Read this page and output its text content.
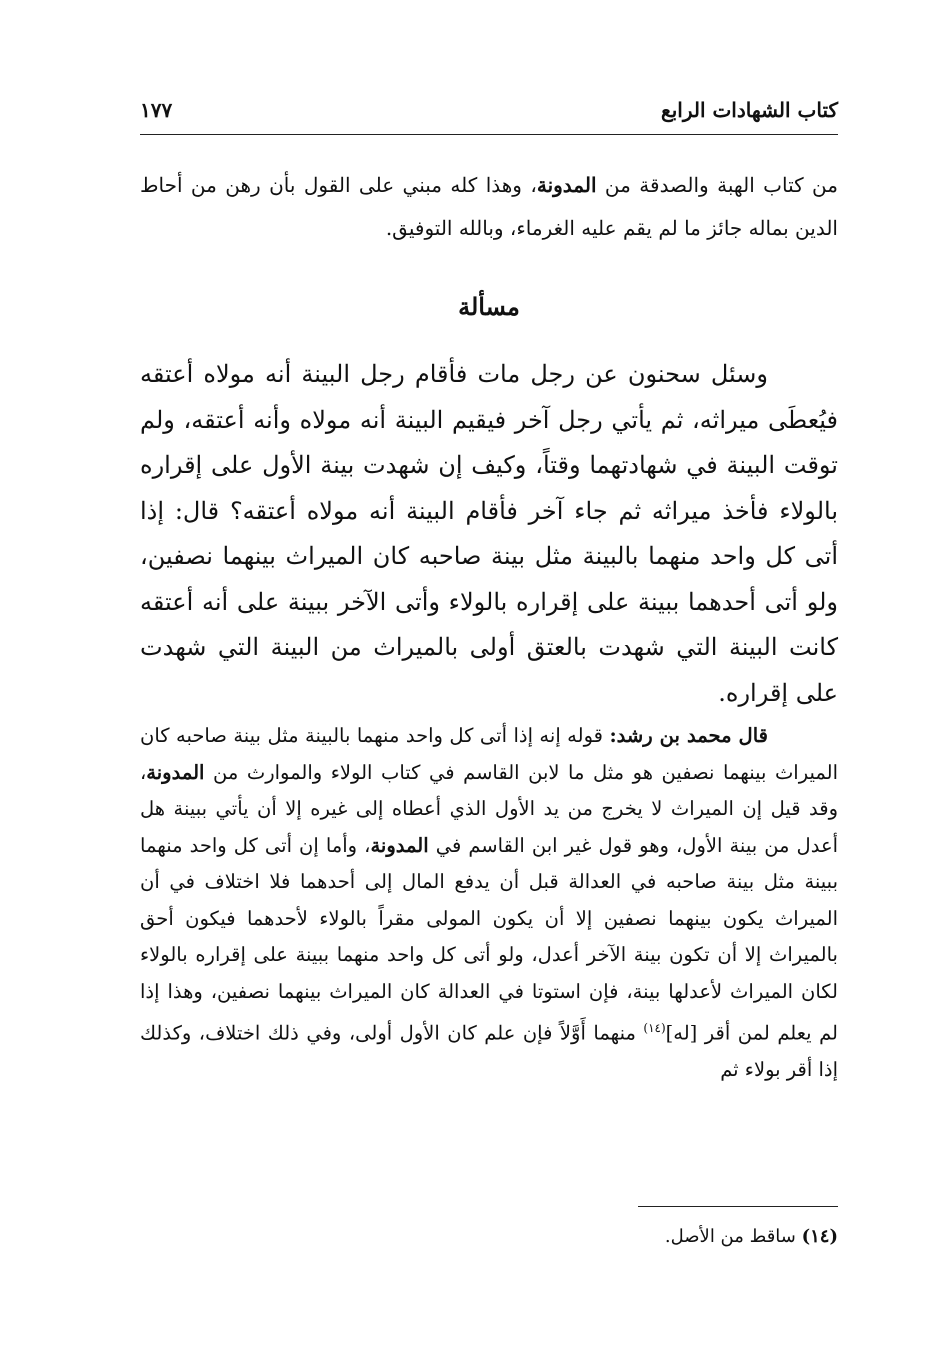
كتاب الشهادات الرابع
١٧٧

من كتاب الهبة والصدقة من المدونة، وهذا كله مبني على القول بأن رهن من أحاط الدين بماله جائز ما لم يقم عليه الغرماء، وبالله التوفيق.

مسألة

وسئل سحنون عن رجل مات فأقام رجل البينة أنه مولاه أعتقه فيُعطَى ميراثه، ثم يأتي رجل آخر فيقيم البينة أنه مولاه وأنه أعتقه، ولم توقت البينة في شهادتهما وقتاً، وكيف إن شهدت بينة الأول على إقراره بالولاء فأخذ ميراثه ثم جاء آخر فأقام البينة أنه مولاه أعتقه؟ قال: إذا أتى كل واحد منهما بالبينة مثل بينة صاحبه كان الميراث بينهما نصفين، ولو أتى أحدهما ببينة على إقراره بالولاء وأتى الآخر ببينة على أنه أعتقه كانت البينة التي شهدت بالعتق أولى بالميراث من البينة التي شهدت على إقراره.

قال محمد بن رشد: قوله إنه إذا أتى كل واحد منهما بالبينة مثل بينة صاحبه كان الميراث بينهما نصفين هو مثل ما لابن القاسم في كتاب الولاء والموارث من المدونة، وقد قيل إن الميراث لا يخرج من يد الأول الذي أعطاه إلى غيره إلا أن يأتي ببينة هل أعدل من بينة الأول، وهو قول غير ابن القاسم في المدونة، وأما إن أتى كل واحد منهما ببينة مثل بينة صاحبه في العدالة قبل أن يدفع المال إلى أحدهما فلا اختلاف في أن الميراث يكون بينهما نصفين إلا أن يكون المولى مقراً بالولاء لأحدهما فيكون أحق بالميراث إلا أن تكون بينة الآخر أعدل، ولو أتى كل واحد منهما ببينة على إقراره بالولاء لكان الميراث لأعدلها بينة، فإن استوتا في العدالة كان الميراث بينهما نصفين، وهذا إذا لم يعلم لمن أقر [له]$^{(١٤)}$ منهما أَوَّلاً فإن علم كان الأول أولى، وفي ذلك اختلاف، وكذلك إذا أقر بولاء ثم

(١٤) ساقط من الأصل.
